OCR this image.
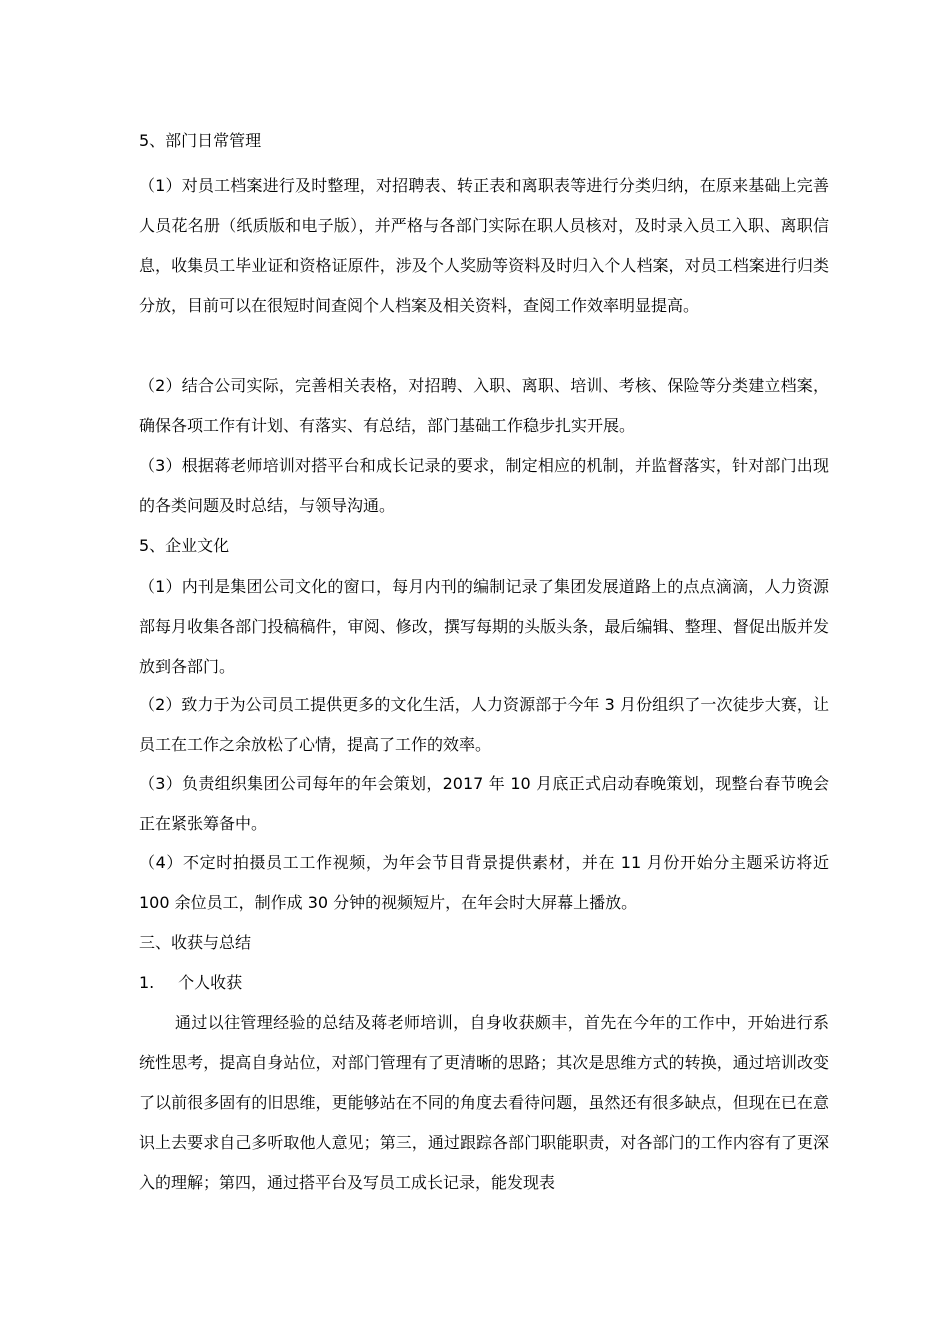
5、部门日常管理

（1）对员工档案进行及时整理，对招聘表、转正表和离职表等进行分类归纳，在原来基础上完善人员花名册（纸质版和电子版），并严格与各部门实际在职人员核对，及时录入员工入职、离职信息，收集员工毕业证和资格证原件，涉及个人奖励等资料及时归入个人档案，对员工档案进行归类分放，目前可以在很短时间查阅个人档案及相关资料，查阅工作效率明显提高。

（2）结合公司实际，完善相关表格，对招聘、入职、离职、培训、考核、保险等分类建立档案，确保各项工作有计划、有落实、有总结，部门基础工作稳步扎实开展。

（3）根据蒋老师培训对搭平台和成长记录的要求，制定相应的机制，并监督落实，针对部门出现的各类问题及时总结，与领导沟通。

5、企业文化

（1）内刊是集团公司文化的窗口，每月内刊的编制记录了集团发展道路上的点点滴滴，人力资源部每月收集各部门投稿稿件，审阅、修改，撰写每期的头版头条，最后编辑、整理、督促出版并发放到各部门。

（2）致力于为公司员工提供更多的文化生活，人力资源部于今年 3 月份组织了一次徒步大赛，让员工在工作之余放松了心情，提高了工作的效率。

（3）负责组织集团公司每年的年会策划，2017 年 10 月底正式启动春晚策划，现整台春节晚会正在紧张筹备中。

（4）不定时拍摄员工工作视频，为年会节目背景提供素材，并在 11 月份开始分主题采访将近 100 余位员工，制作成 30 分钟的视频短片，在年会时大屏幕上播放。

三、收获与总结
1. 个人收获

通过以往管理经验的总结及蒋老师培训，自身收获颇丰，首先在今年的工作中，开始进行系统性思考，提高自身站位，对部门管理有了更清晰的思路；其次是思维方式的转换，通过培训改变了以前很多固有的旧思维，更能够站在不同的角度去看待问题，虽然还有很多缺点，但现在已在意识上去要求自己多听取他人意见；第三，通过跟踪各部门职能职责，对各部门的工作内容有了更深入的理解；第四，通过搭平台及写员工成长记录，能发现表
